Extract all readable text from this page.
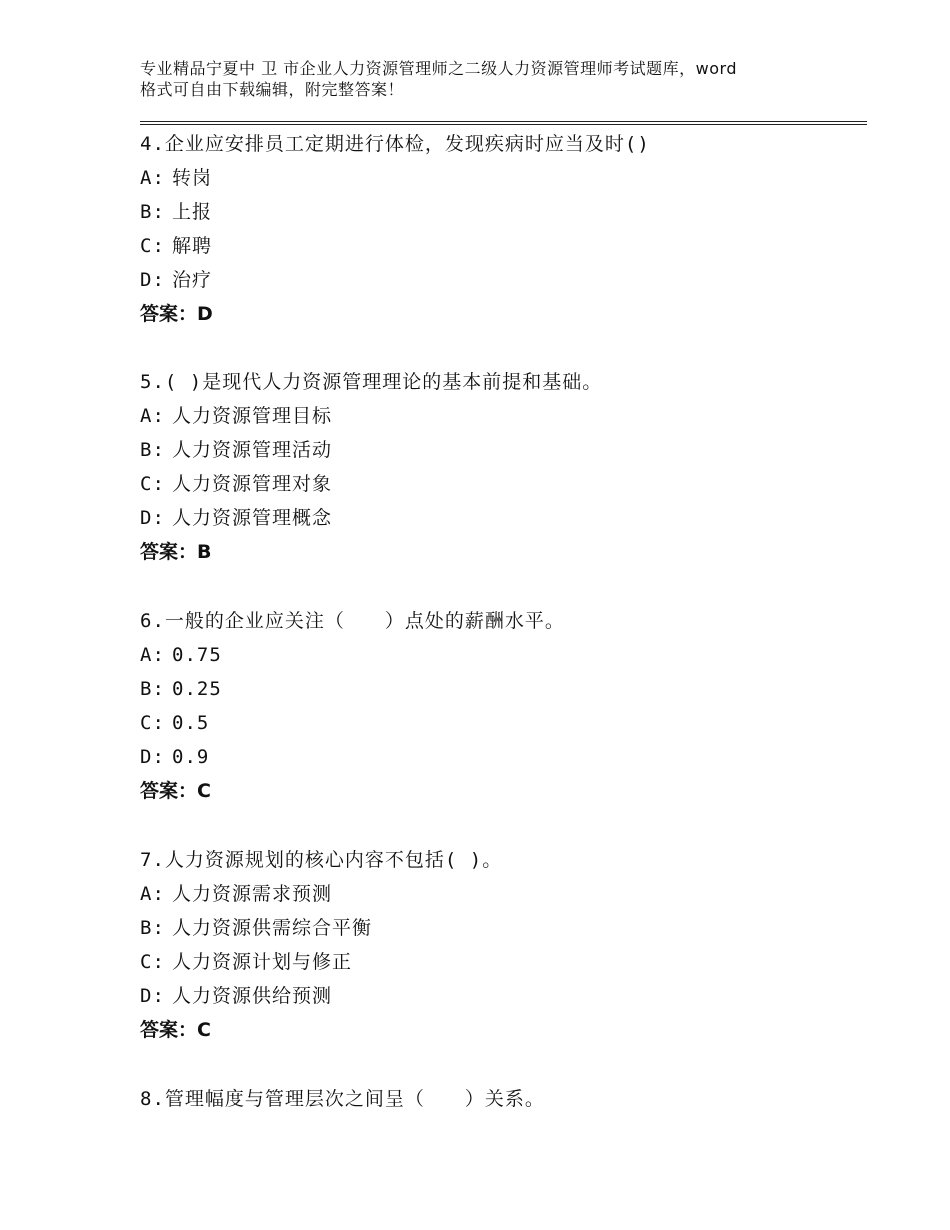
专业精品宁夏中 卫 市企业人力资源管理师之二级人力资源管理师考试题库，word
格式可自由下载编辑，附完整答案！
4.企业应安排员工定期进行体检，发现疾病时应当及时()
A: 转岗
B: 上报
C: 解聘
D: 治疗
答案：D
5.( )是现代人力资源管理理论的基本前提和基础。
A: 人力资源管理目标
B: 人力资源管理活动
C: 人力资源管理对象
D: 人力资源管理概念
答案：B
6.一般的企业应关注（　　）点处的薪酬水平。
A: 0.75
B: 0.25
C: 0.5
D: 0.9
答案：C
7.人力资源规划的核心内容不包括( )。
A: 人力资源需求预测
B: 人力资源供需综合平衡
C: 人力资源计划与修正
D: 人力资源供给预测
答案：C
8.管理幅度与管理层次之间呈（　　）关系。
